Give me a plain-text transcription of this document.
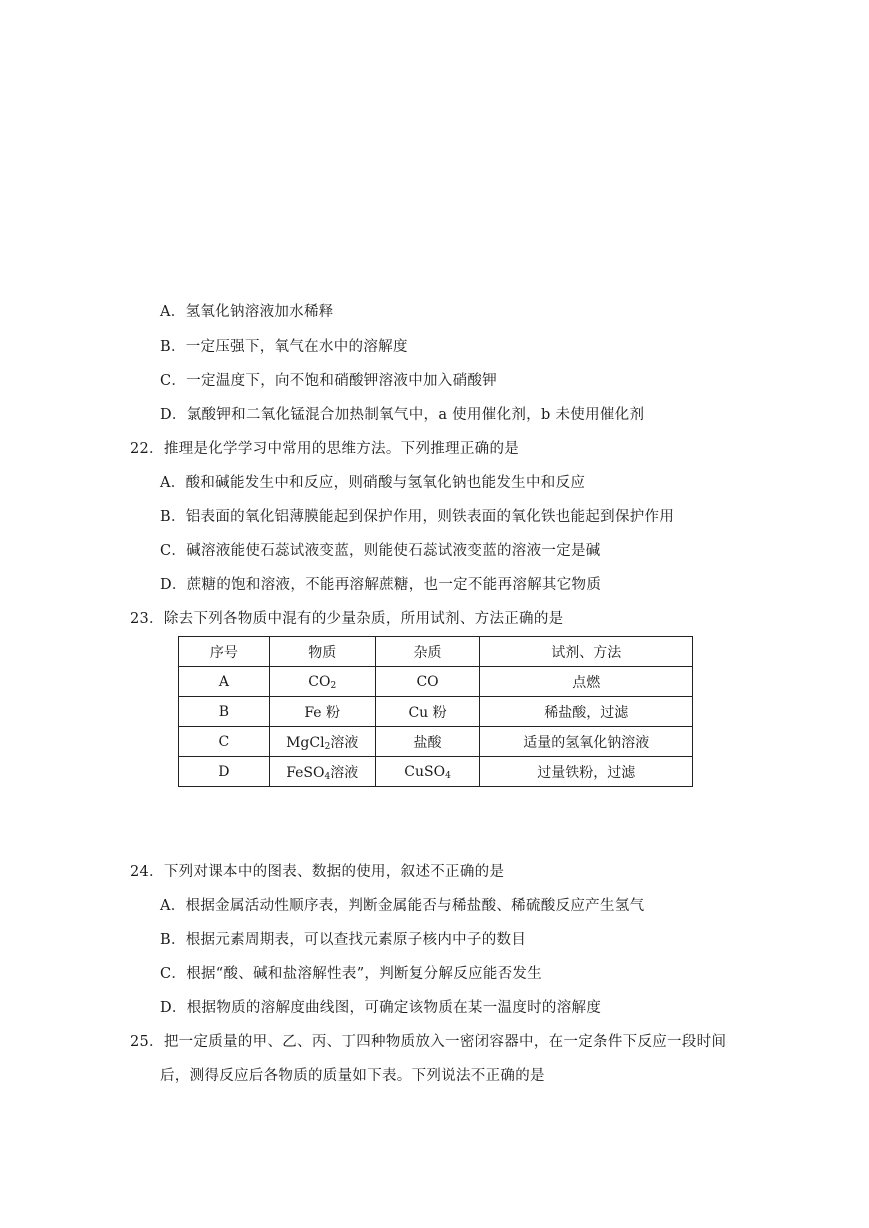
A．氢氧化钠溶液加水稀释
B．一定压强下，氧气在水中的溶解度
C．一定温度下，向不饱和硝酸钾溶液中加入硝酸钾
D．氯酸钾和二氧化锰混合加热制氧气中，a 使用催化剂，b 未使用催化剂
22．推理是化学学习中常用的思维方法。下列推理正确的是
A．酸和碱能发生中和反应，则硝酸与氢氧化钠也能发生中和反应
B．铝表面的氧化铝薄膜能起到保护作用，则铁表面的氧化铁也能起到保护作用
C．碱溶液能使石蕊试液变蓝，则能使石蕊试液变蓝的溶液一定是碱
D．蔗糖的饱和溶液，不能再溶解蔗糖，也一定不能再溶解其它物质
23．除去下列各物质中混有的少量杂质，所用试剂、方法正确的是
序号	物质	杂质	试剂、方法
A	$CO_2$	CO	点燃
B	Fe 粉	Cu 粉	稀盐酸，过滤
C	MgCl$_2$溶液	盐酸	适量的氢氧化钠溶液
D	FeSO$_4$溶液	CuSO$_4$	过量铁粉，过滤
24．下列对课本中的图表、数据的使用，叙述不正确的是
A．根据金属活动性顺序表，判断金属能否与稀盐酸、稀硫酸反应产生氢气
B．根据元素周期表，可以查找元素原子核内中子的数目
C．根据“酸、碱和盐溶解性表”，判断复分解反应能否发生
D．根据物质的溶解度曲线图，可确定该物质在某一温度时的溶解度
25．把一定质量的甲、乙、丙、丁四种物质放入一密闭容器中，在一定条件下反应一段时间
后，测得反应后各物质的质量如下表。下列说法不正确的是
